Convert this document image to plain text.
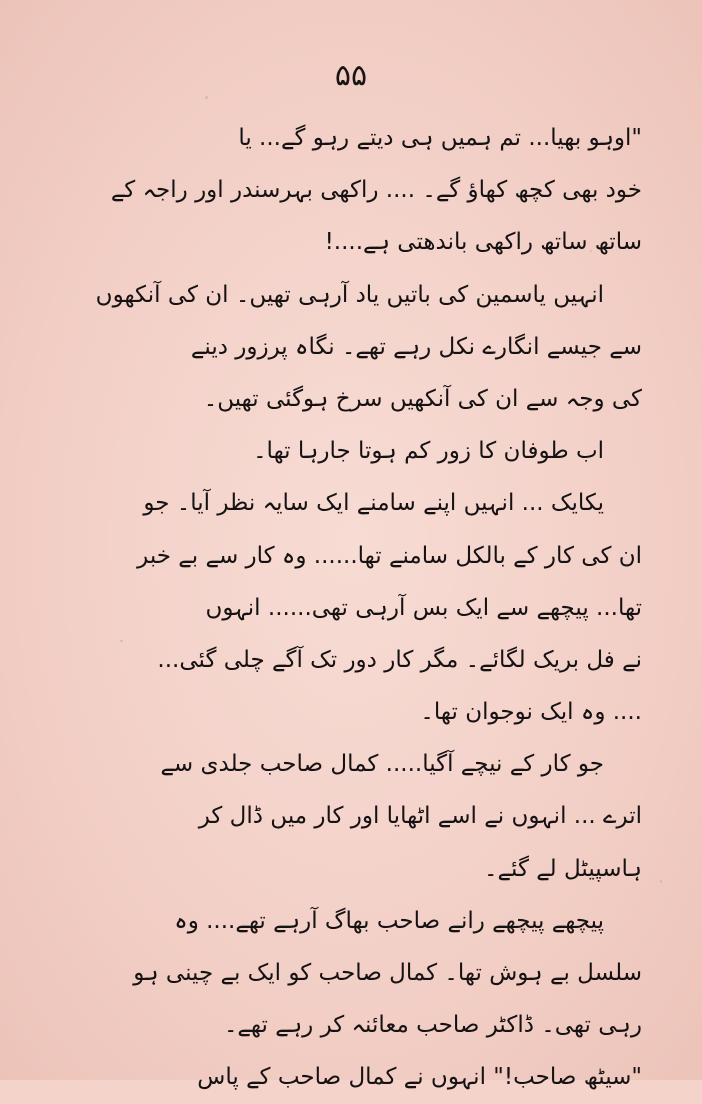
۵۵
"اوہو بھیا... تم ہمیں ہی دیتے رہو گے... یا
خود بھی کچھ کھاؤ گے۔ .... راکھی بہرسندر اور راجہ کے
ساتھ ساتھ راکھی باندھتی ہے....!
انہیں یاسمین کی باتیں یاد آرہی تھیں۔ ان کی آنکھوں
سے جیسے انگارے نکل رہے تھے۔ نگاہ پرزور دینے
کی وجہ سے ان کی آنکھیں سرخ ہوگئی تھیں۔
اب طوفان کا زور کم ہوتا جارہا تھا۔
یکایک ... انہیں اپنے سامنے ایک سایہ نظر آیا۔ جو
ان کی کار کے بالکل سامنے تھا...... وہ کار سے بے خبر
تھا... پیچھے سے ایک بس آرہی تھی...... انہوں
نے فل بریک لگائے۔ مگر کار دور تک آگے چلی گئی...
.... وہ ایک نوجوان تھا۔
جو کار کے نیچے آگیا..... کمال صاحب جلدی سے
اترے ... انہوں نے اسے اٹھایا اور کار میں ڈال کر
ہاسپیٹل لے گئے۔
پیچھے پیچھے رانے صاحب بھاگ آرہے تھے.... وہ
سلسل بے ہوش تھا۔ کمال صاحب کو ایک بے چینی ہو
رہی تھی۔ ڈاکٹر صاحب معائنہ کر رہے تھے۔
"سیٹھ صاحب!" انہوں نے کمال صاحب کے پاس
